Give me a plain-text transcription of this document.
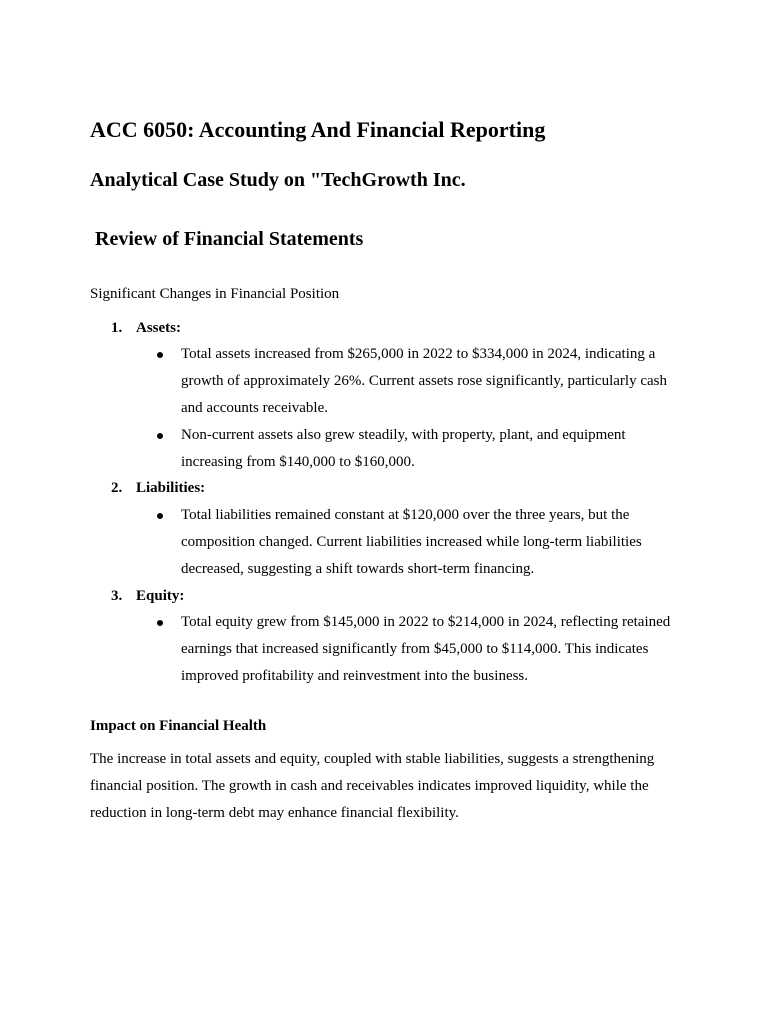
ACC 6050: Accounting And Financial Reporting
Analytical Case Study on "TechGrowth Inc.
Review of Financial Statements

Significant Changes in Financial Position

1. Assets:

Total assets increased from $265,000 in 2022 to $334,000 in 2024, indicating a
growth of approximately 26%. Current assets rose significantly, particularly cash
and accounts receivable.

Non-current assets also grew steadily, with property, plant, and equipment
increasing from $140,000 to $160,000.

2. Liabilities:

Total liabilities remained constant at $120,000 over the three years, but the
composition changed. Current liabilities increased while long-term liabilities
decreased, suggesting a shift towards short-term financing.

3. Equity:

Total equity grew from $145,000 in 2022 to $214,000 in 2024, reflecting retained
earnings that increased significantly from $45,000 to $114,000. This indicates
improved profitability and reinvestment into the business.

Impact on Financial Health

The increase in total assets and equity, coupled with stable liabilities, suggests a strengthening
financial position. The growth in cash and receivables indicates improved liquidity, while the
reduction in long-term debt may enhance financial flexibility.
